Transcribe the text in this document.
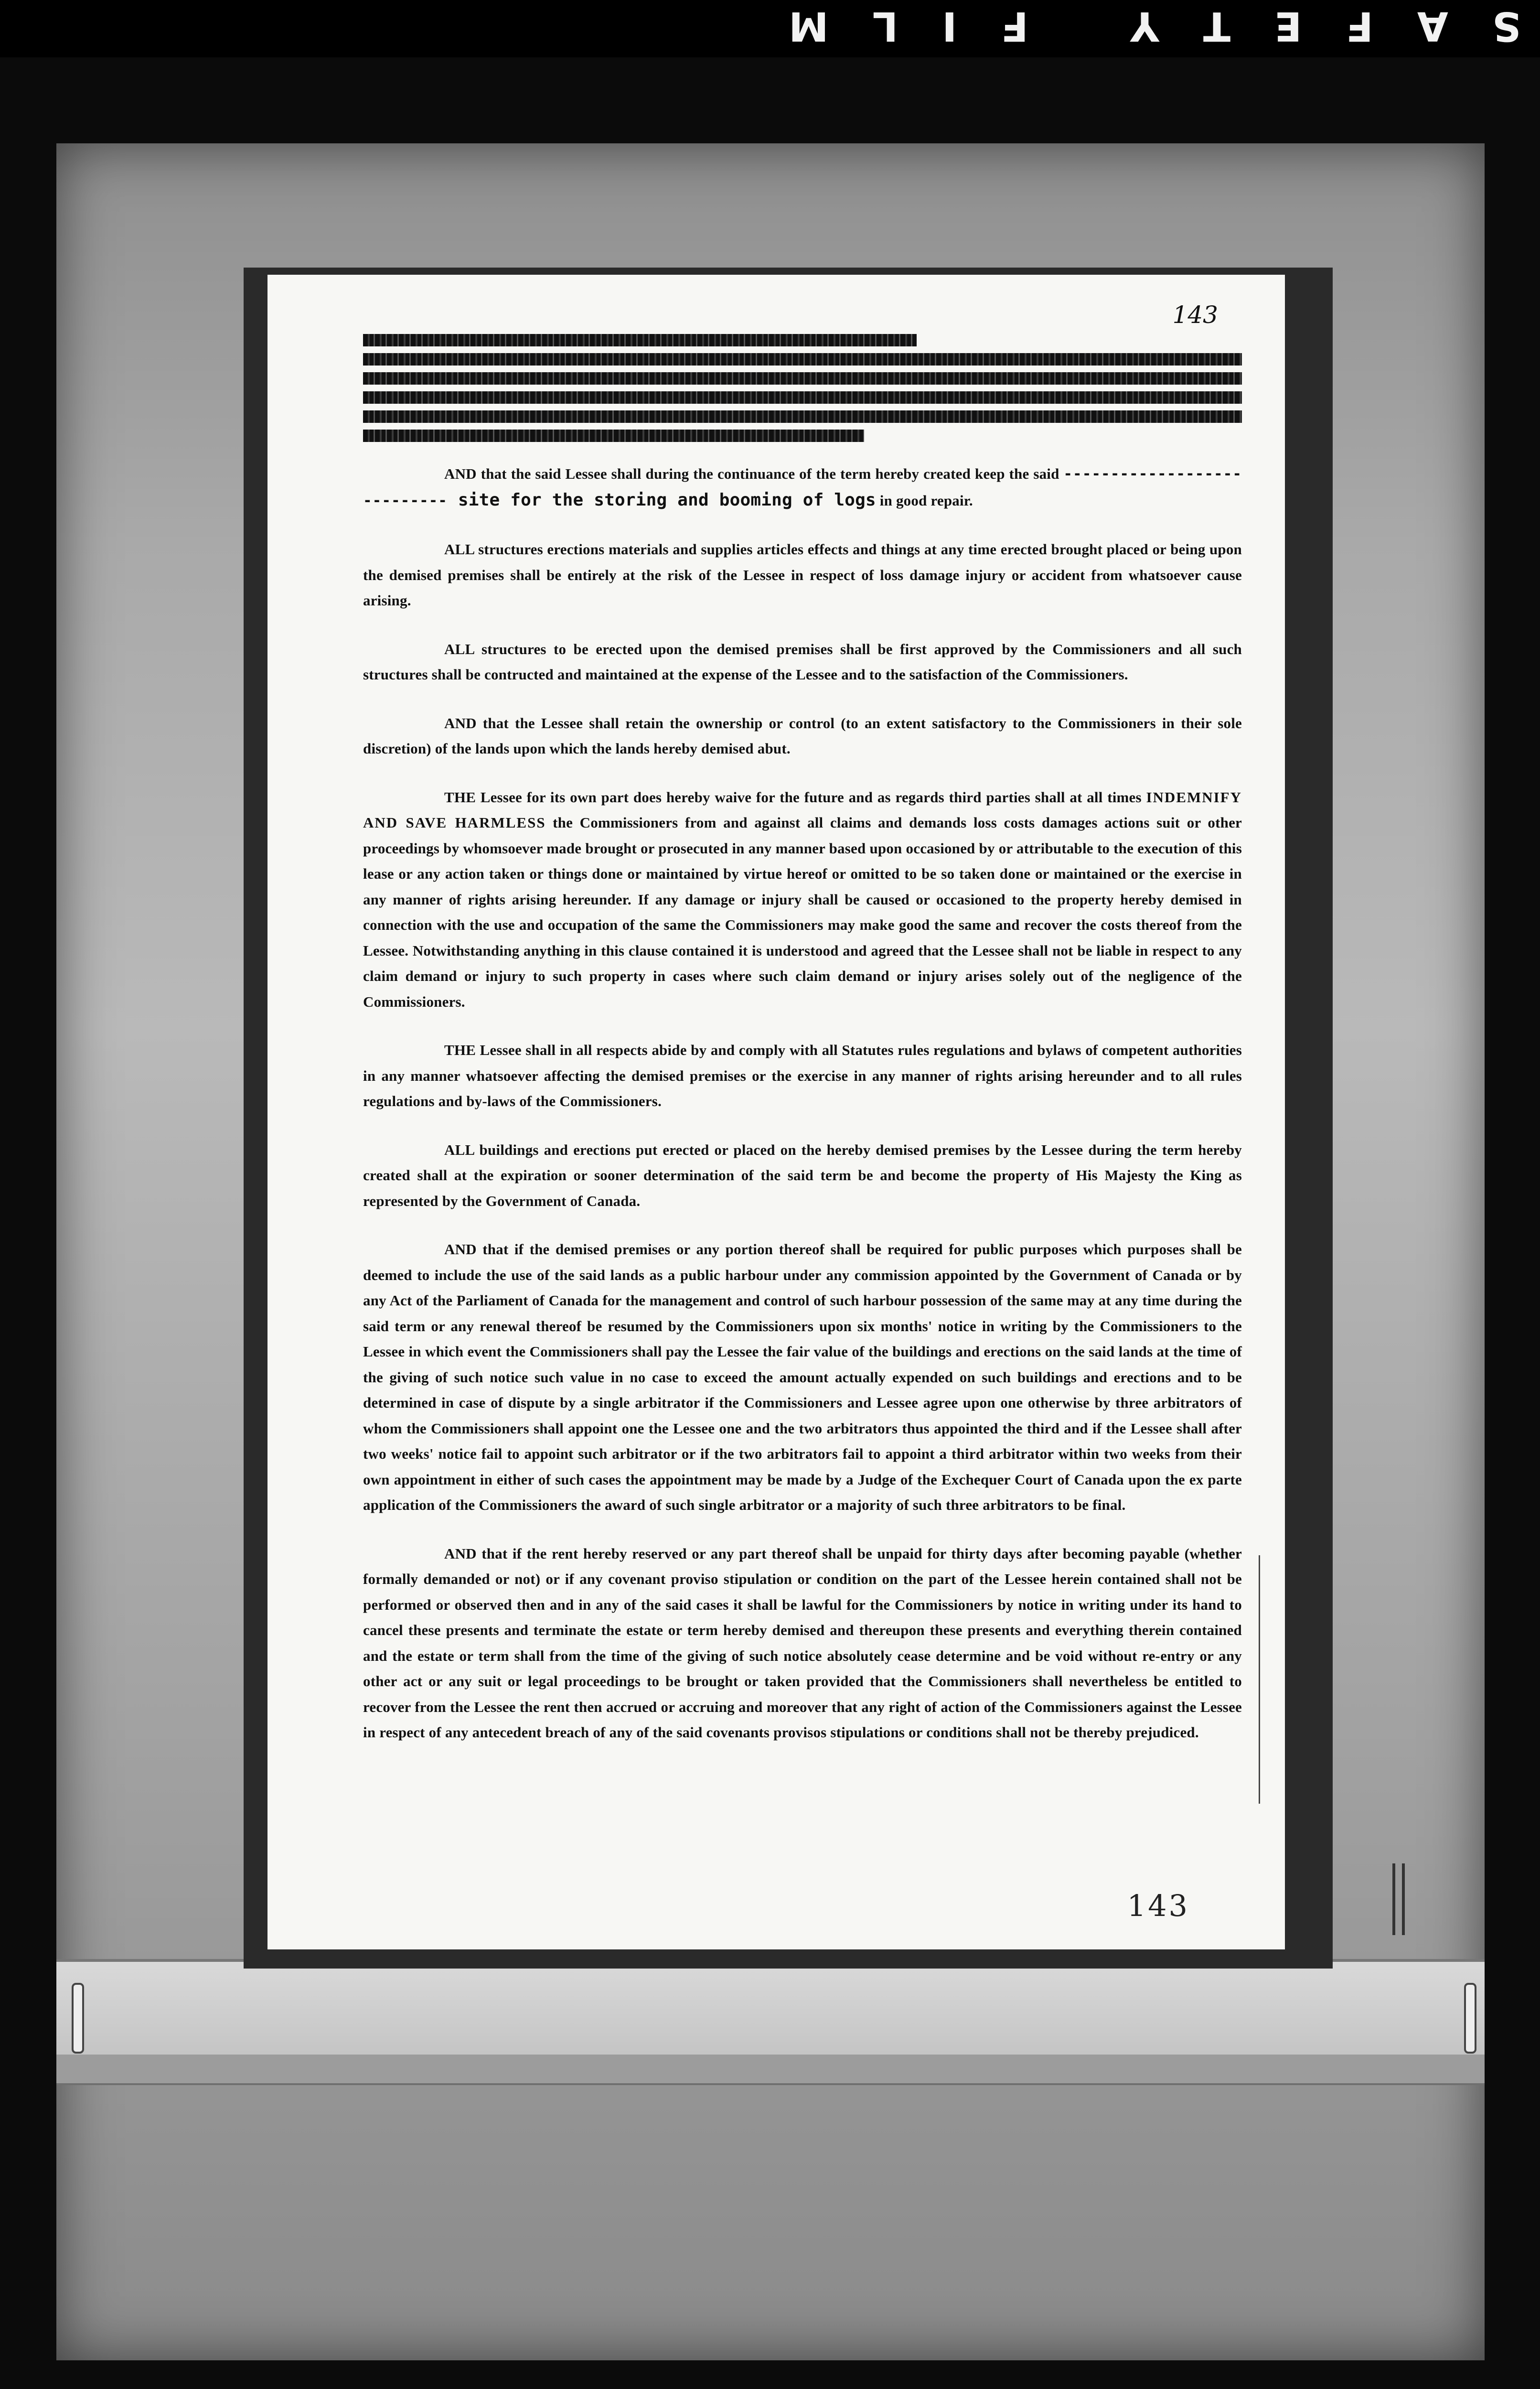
SAFETY FILM
143

AND that the said Lessee shall during the continuance of the term hereby created keep the said ---------------------------- site for the storing and booming of logs in good repair.

ALL structures erections materials and supplies articles effects and things at any time erected brought placed or being upon the demised premises shall be entirely at the risk of the Lessee in respect of loss damage injury or accident from whatsoever cause arising.

ALL structures to be erected upon the demised premises shall be first approved by the Commissioners and all such structures shall be contructed and maintained at the expense of the Lessee and to the satisfaction of the Commissioners.

AND that the Lessee shall retain the ownership or control (to an extent satisfactory to the Commissioners in their sole discretion) of the lands upon which the lands hereby demised abut.

THE Lessee for its own part does hereby waive for the future and as regards third parties shall at all times INDEMNIFY AND SAVE HARMLESS the Commissioners from and against all claims and demands loss costs damages actions suit or other proceedings by whomsoever made brought or prosecuted in any manner based upon occasioned by or attributable to the execution of this lease or any action taken or things done or maintained by virtue hereof or omitted to be so taken done or maintained or the exercise in any manner of rights arising hereunder. If any damage or injury shall be caused or occasioned to the property hereby demised in connection with the use and occupation of the same the Commissioners may make good the same and recover the costs thereof from the Lessee. Notwithstanding anything in this clause contained it is understood and agreed that the Lessee shall not be liable in respect to any claim demand or injury to such property in cases where such claim demand or injury arises solely out of the negligence of the Commissioners.

THE Lessee shall in all respects abide by and comply with all Statutes rules regulations and bylaws of competent authorities in any manner whatsoever affecting the demised premises or the exercise in any manner of rights arising hereunder and to all rules regulations and by-laws of the Commissioners.

ALL buildings and erections put erected or placed on the hereby demised premises by the Lessee during the term hereby created shall at the expiration or sooner determination of the said term be and become the property of His Majesty the King as represented by the Government of Canada.

AND that if the demised premises or any portion thereof shall be required for public purposes which purposes shall be deemed to include the use of the said lands as a public harbour under any commission appointed by the Government of Canada or by any Act of the Parliament of Canada for the management and control of such harbour possession of the same may at any time during the said term or any renewal thereof be resumed by the Commissioners upon six months' notice in writing by the Commissioners to the Lessee in which event the Commissioners shall pay the Lessee the fair value of the buildings and erections on the said lands at the time of the giving of such notice such value in no case to exceed the amount actually expended on such buildings and erections and to be determined in case of dispute by a single arbitrator if the Commissioners and Lessee agree upon one otherwise by three arbitrators of whom the Commissioners shall appoint one the Lessee one and the two arbitrators thus appointed the third and if the Lessee shall after two weeks' notice fail to appoint such arbitrator or if the two arbitrators fail to appoint a third arbitrator within two weeks from their own appointment in either of such cases the appointment may be made by a Judge of the Exchequer Court of Canada upon the ex parte application of the Commissioners the award of such single arbitrator or a majority of such three arbitrators to be final.

AND that if the rent hereby reserved or any part thereof shall be unpaid for thirty days after becoming payable (whether formally demanded or not) or if any covenant proviso stipulation or condition on the part of the Lessee herein contained shall not be performed or observed then and in any of the said cases it shall be lawful for the Commissioners by notice in writing under its hand to cancel these presents and terminate the estate or term hereby demised and thereupon these presents and everything therein contained and the estate or term shall from the time of the giving of such notice absolutely cease determine and be void without re-entry or any other act or any suit or legal proceedings to be brought or taken provided that the Commissioners shall nevertheless be entitled to recover from the Lessee the rent then accrued or accruing and moreover that any right of action of the Commissioners against the Lessee in respect of any antecedent breach of any of the said covenants provisos stipulations or conditions shall not be thereby prejudiced.

143
